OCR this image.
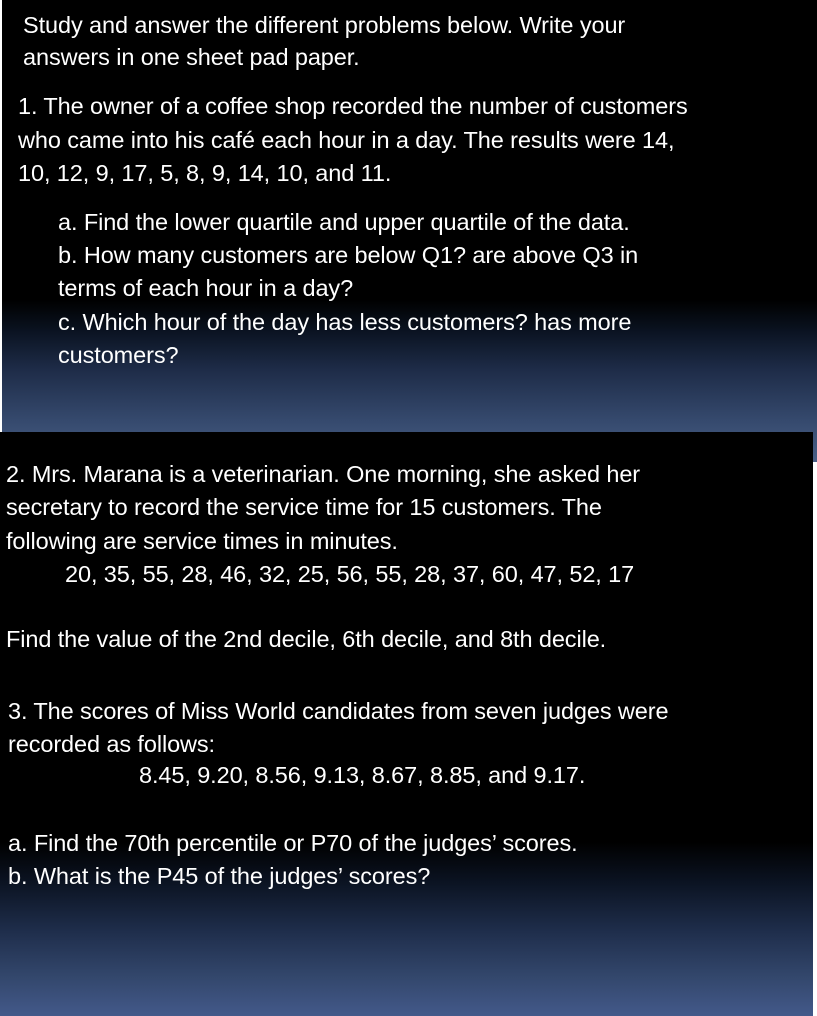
Study and answer the different problems below. Write your

answers in one sheet pad paper.

1. The owner of a coffee shop recorded the number of customers

who came into his café each hour in a day. The results were 14,

10, 12, 9, 17, 5, 8, 9, 14, 10, and 11.

a. Find the lower quartile and upper quartile of the data.

b. How many customers are below Q1? are above Q3 in

terms of each hour in a day?

c. Which hour of the day has less customers? has more

customers?

2. Mrs. Marana is a veterinarian. One morning, she asked her

secretary to record the service time for 15 customers. The

following are service times in minutes.

20, 35, 55, 28, 46, 32, 25, 56, 55, 28, 37, 60, 47, 52, 17

Find the value of the 2nd decile, 6th decile, and 8th decile.

3. The scores of Miss World candidates from seven judges were

recorded as follows:

8.45, 9.20, 8.56, 9.13, 8.67, 8.85, and 9.17.

a. Find the 70th percentile or P70 of the judges’ scores.

b. What is the P45 of the judges’ scores?
